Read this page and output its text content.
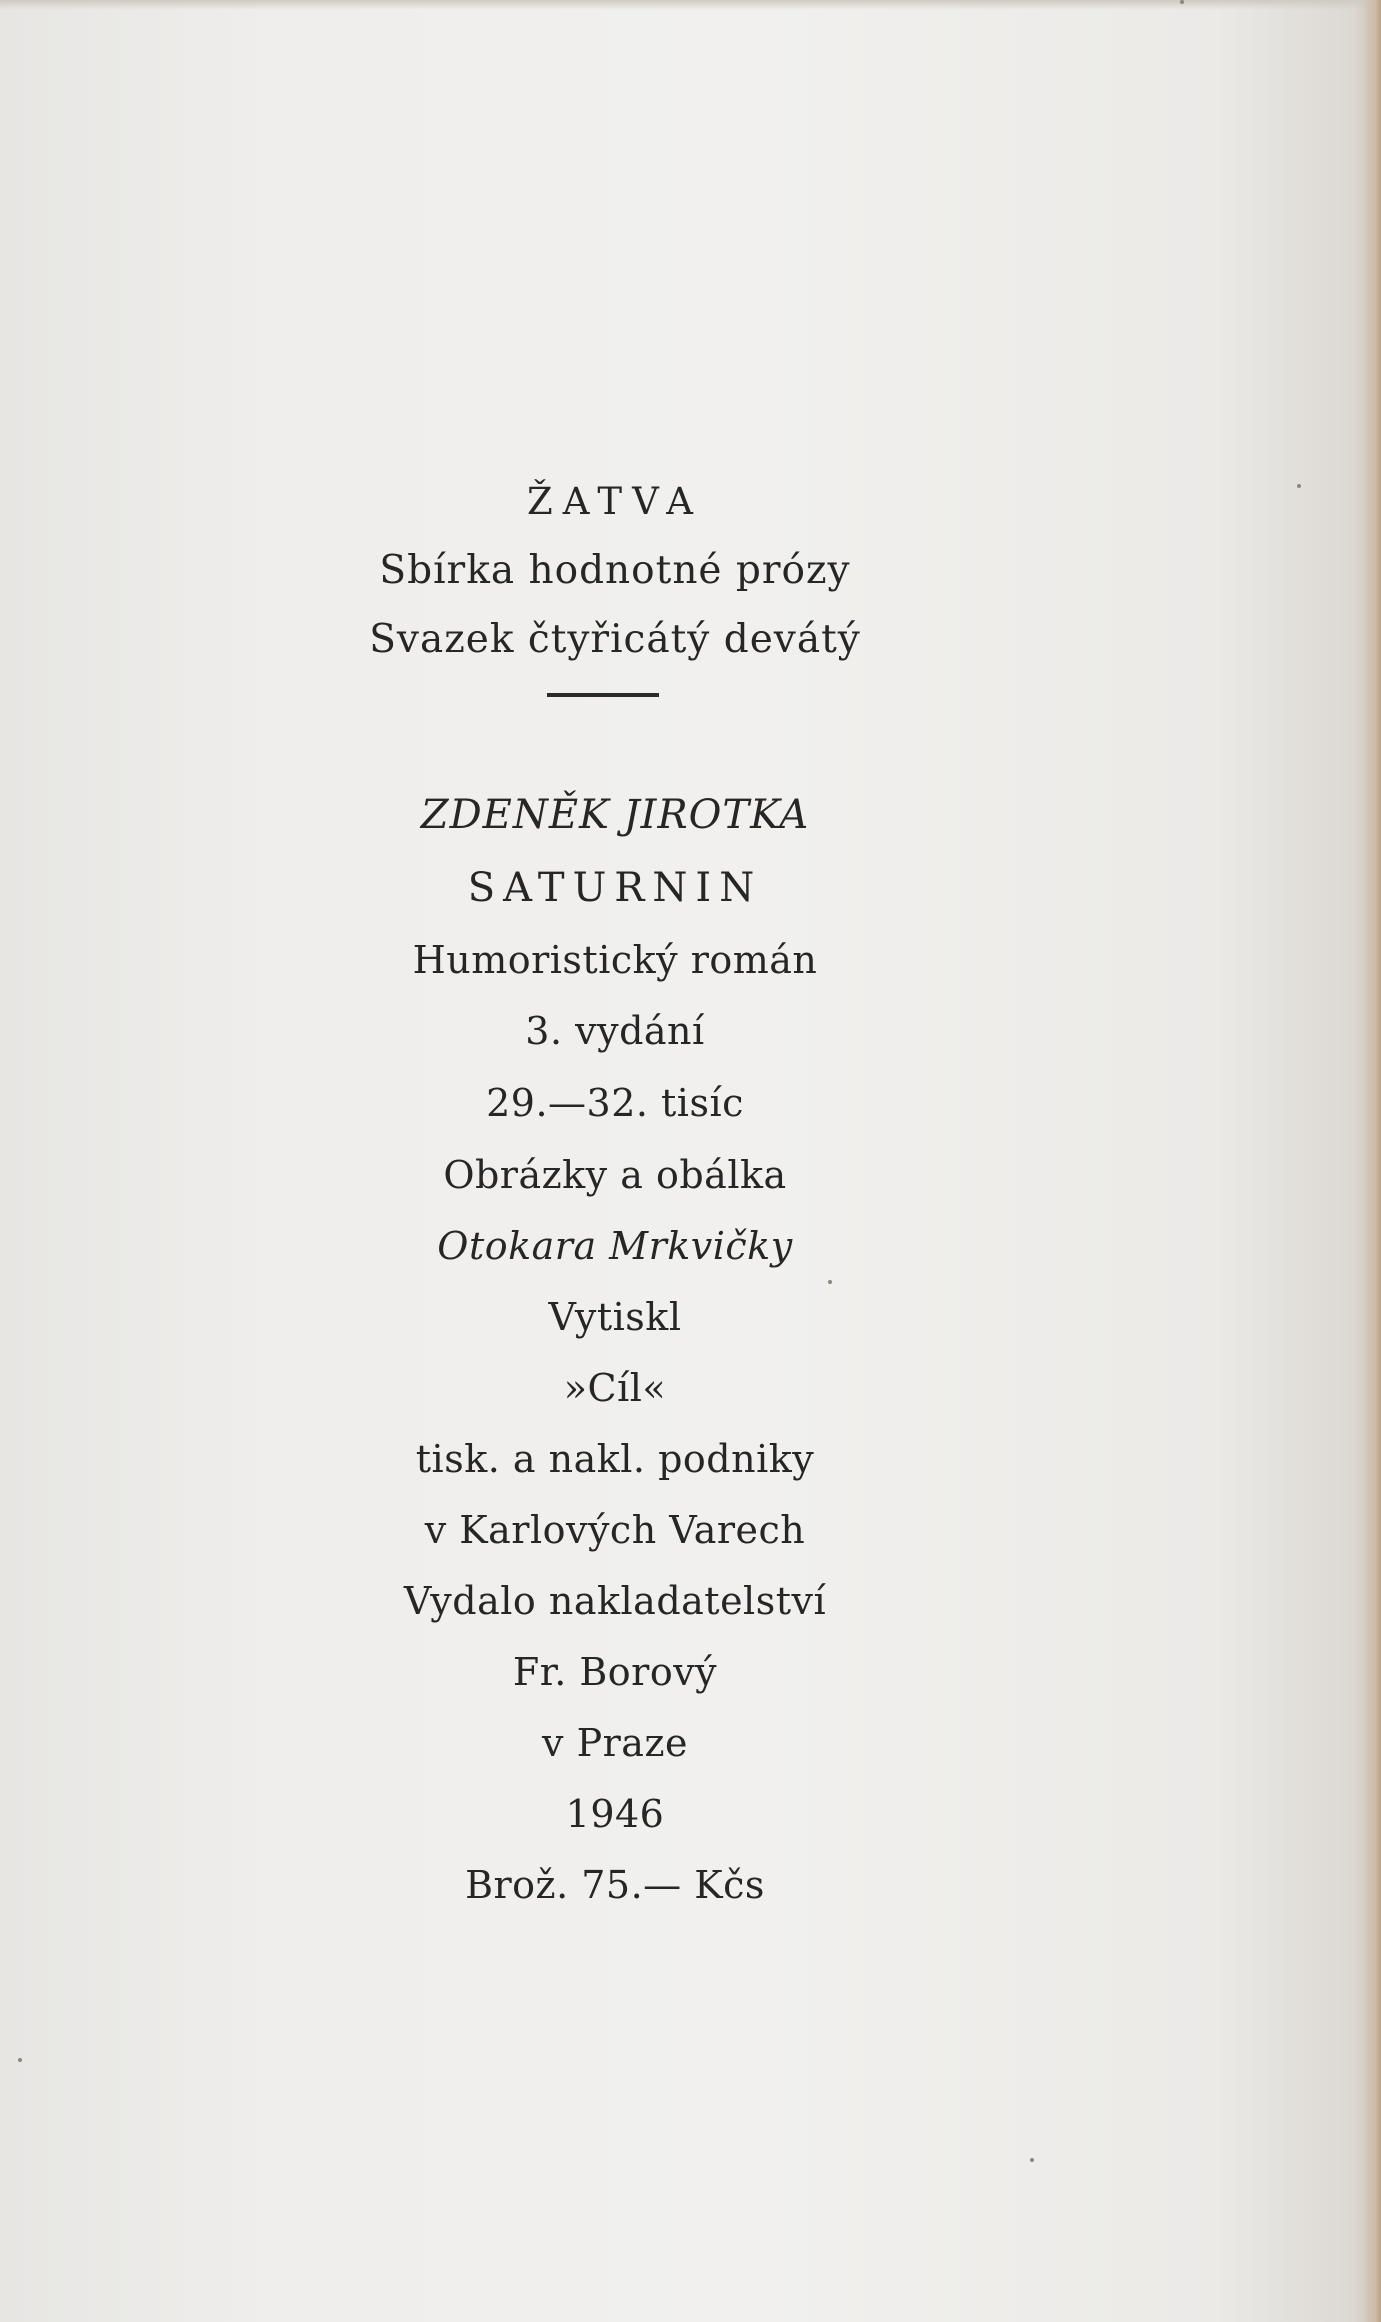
ŽATVA
Sbírka hodnotné prózy
Svazek čtyřicátý devátý
ZDENĚK JIROTKA
SATURNIN
Humoristický román
3. vydání
29.—32. tisíc
Obrázky a obálka
Otokara Mrkvičky
Vytiskl
»Cíl«
tisk. a nakl. podniky
v Karlových Varech
Vydalo nakladatelství
Fr. Borový
v Praze
1946
Brož. 75.— Kčs
